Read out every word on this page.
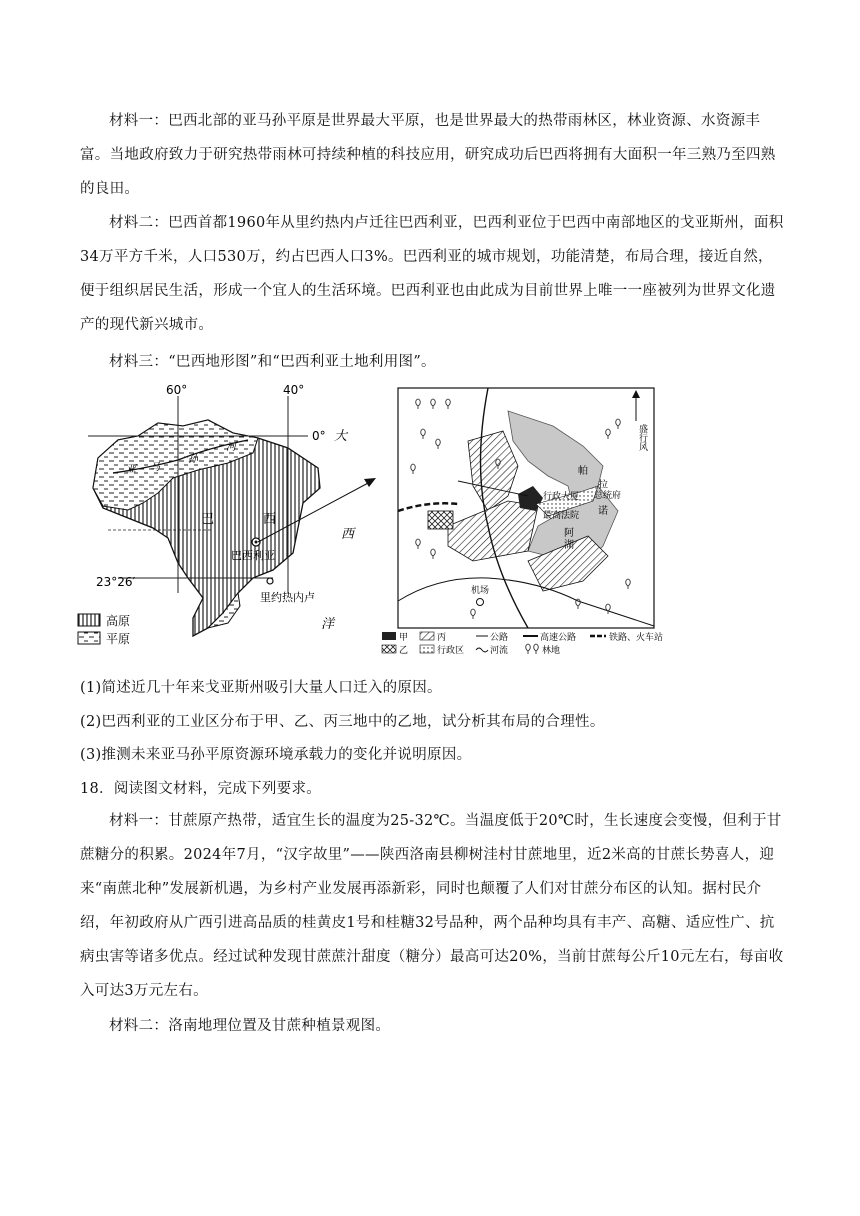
材料一：巴西北部的亚马孙平原是世界最大平原，也是世界最大的热带雨林区，林业资源、水资源丰富。当地政府致力于研究热带雨林可持续种植的科技应用，研究成功后巴西将拥有大面积一年三熟乃至四熟的良田。

材料二：巴西首都1960年从里约热内卢迁往巴西利亚，巴西利亚位于巴西中南部地区的戈亚斯州，面积34万平方千米，人口530万，约占巴西人口3%。巴西利亚的城市规划，功能清楚，布局合理，接近自然，便于组织居民生活，形成一个宜人的生活环境。巴西利亚也由此成为目前世界上唯一一座被列为世界文化遗产的现代新兴城市。

材料三：“巴西地形图”和“巴西利亚土地利用图”。

60°	40°
0° 大
西
洋
23°26′
亚 马
孙
河
巴	西
巴西利亚
里约热内卢
高原
平原
盛行风
行政大厦
最高法院
总统府
帕
拉
诺
阿
湖
机场
甲
乙
丙
行政区
公路
河流
高速公路
林地
铁路、火车站

(1)简述近几十年来戈亚斯州吸引大量人口迁入的原因。

(2)巴西利亚的工业区分布于甲、乙、丙三地中的乙地，试分析其布局的合理性。

(3)推测未来亚马孙平原资源环境承载力的变化并说明原因。

18．阅读图文材料，完成下列要求。

材料一：甘蔗原产热带，适宜生长的温度为25-32℃。当温度低于20℃时，生长速度会变慢，但利于甘蔗糖分的积累。2024年7月，“汉字故里”——陕西洛南县柳树洼村甘蔗地里，近2米高的甘蔗长势喜人，迎来“南蔗北种”发展新机遇，为乡村产业发展再添新彩，同时也颠覆了人们对甘蔗分布区的认知。据村民介绍，年初政府从广西引进高品质的桂黄皮1号和桂糖32号品种，两个品种均具有丰产、高糖、适应性广、抗病虫害等诸多优点。经过试种发现甘蔗蔗汁甜度（糖分）最高可达20%，当前甘蔗每公斤10元左右，每亩收入可达3万元左右。

材料二：洛南地理位置及甘蔗种植景观图。
